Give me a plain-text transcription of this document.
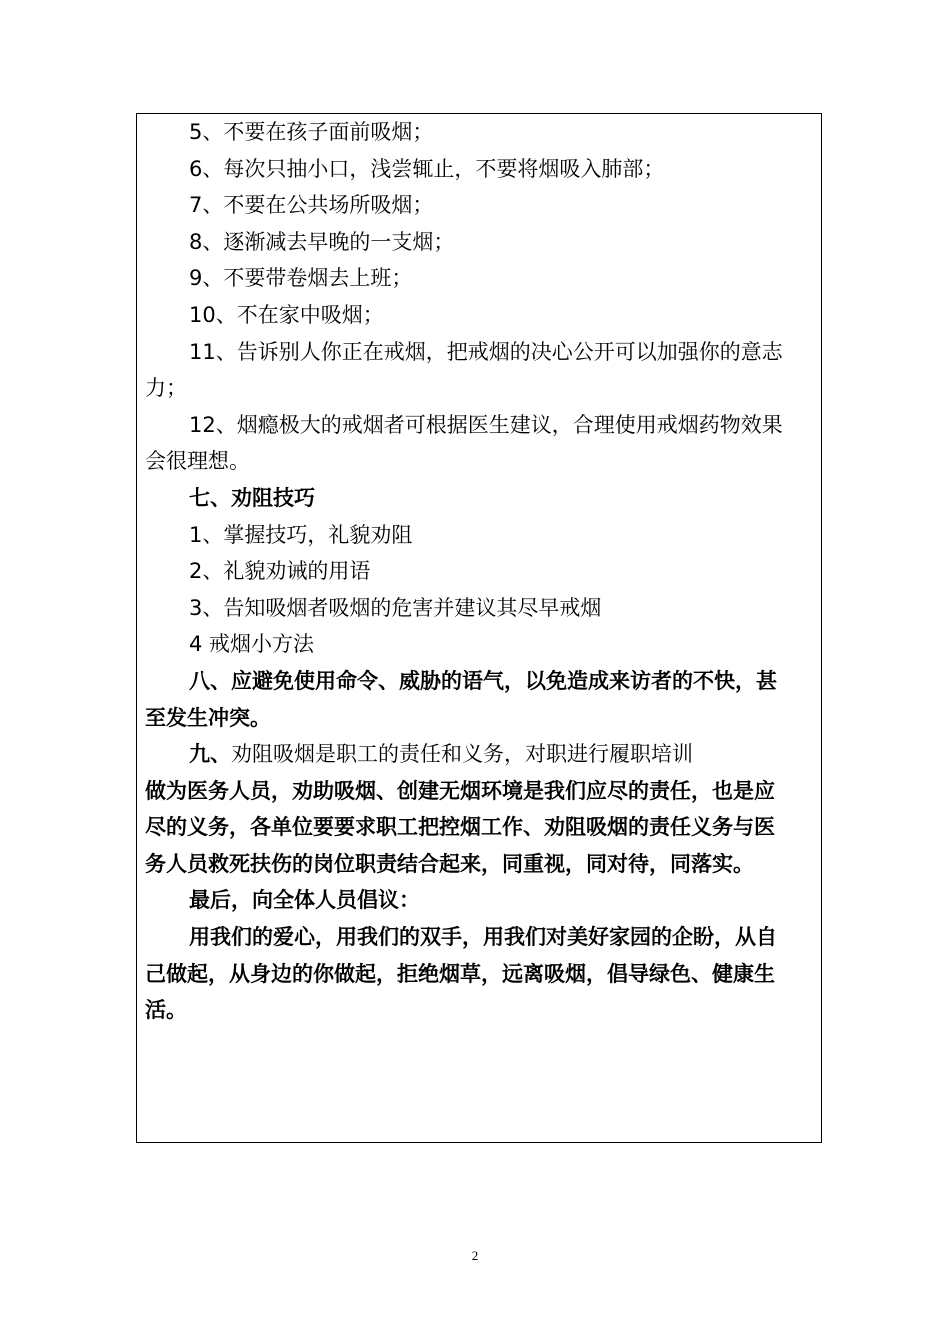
5、不要在孩子面前吸烟；

6、每次只抽小口，浅尝辄止，不要将烟吸入肺部；

7、不要在公共场所吸烟；

8、逐渐减去早晚的一支烟；

9、不要带卷烟去上班；

10、不在家中吸烟；

11、告诉别人你正在戒烟，把戒烟的决心公开可以加强你的意志

力；

12、烟瘾极大的戒烟者可根据医生建议，合理使用戒烟药物效果

会很理想。

七、劝阻技巧

1、掌握技巧，礼貌劝阻

2、礼貌劝诫的用语

3、告知吸烟者吸烟的危害并建议其尽早戒烟

4 戒烟小方法

八、应避免使用命令、威胁的语气，以免造成来访者的不快，甚

至发生冲突。

九、劝阻吸烟是职工的责任和义务，对职进行履职培训

做为医务人员，劝助吸烟、创建无烟环境是我们应尽的责任，也是应

尽的义务，各单位要要求职工把控烟工作、劝阻吸烟的责任义务与医

务人员救死扶伤的岗位职责结合起来，同重视，同对待，同落实。

最后，向全体人员倡议：

用我们的爱心，用我们的双手，用我们对美好家园的企盼，从自

己做起，从身边的你做起，拒绝烟草，远离吸烟，倡导绿色、健康生

活。

2
